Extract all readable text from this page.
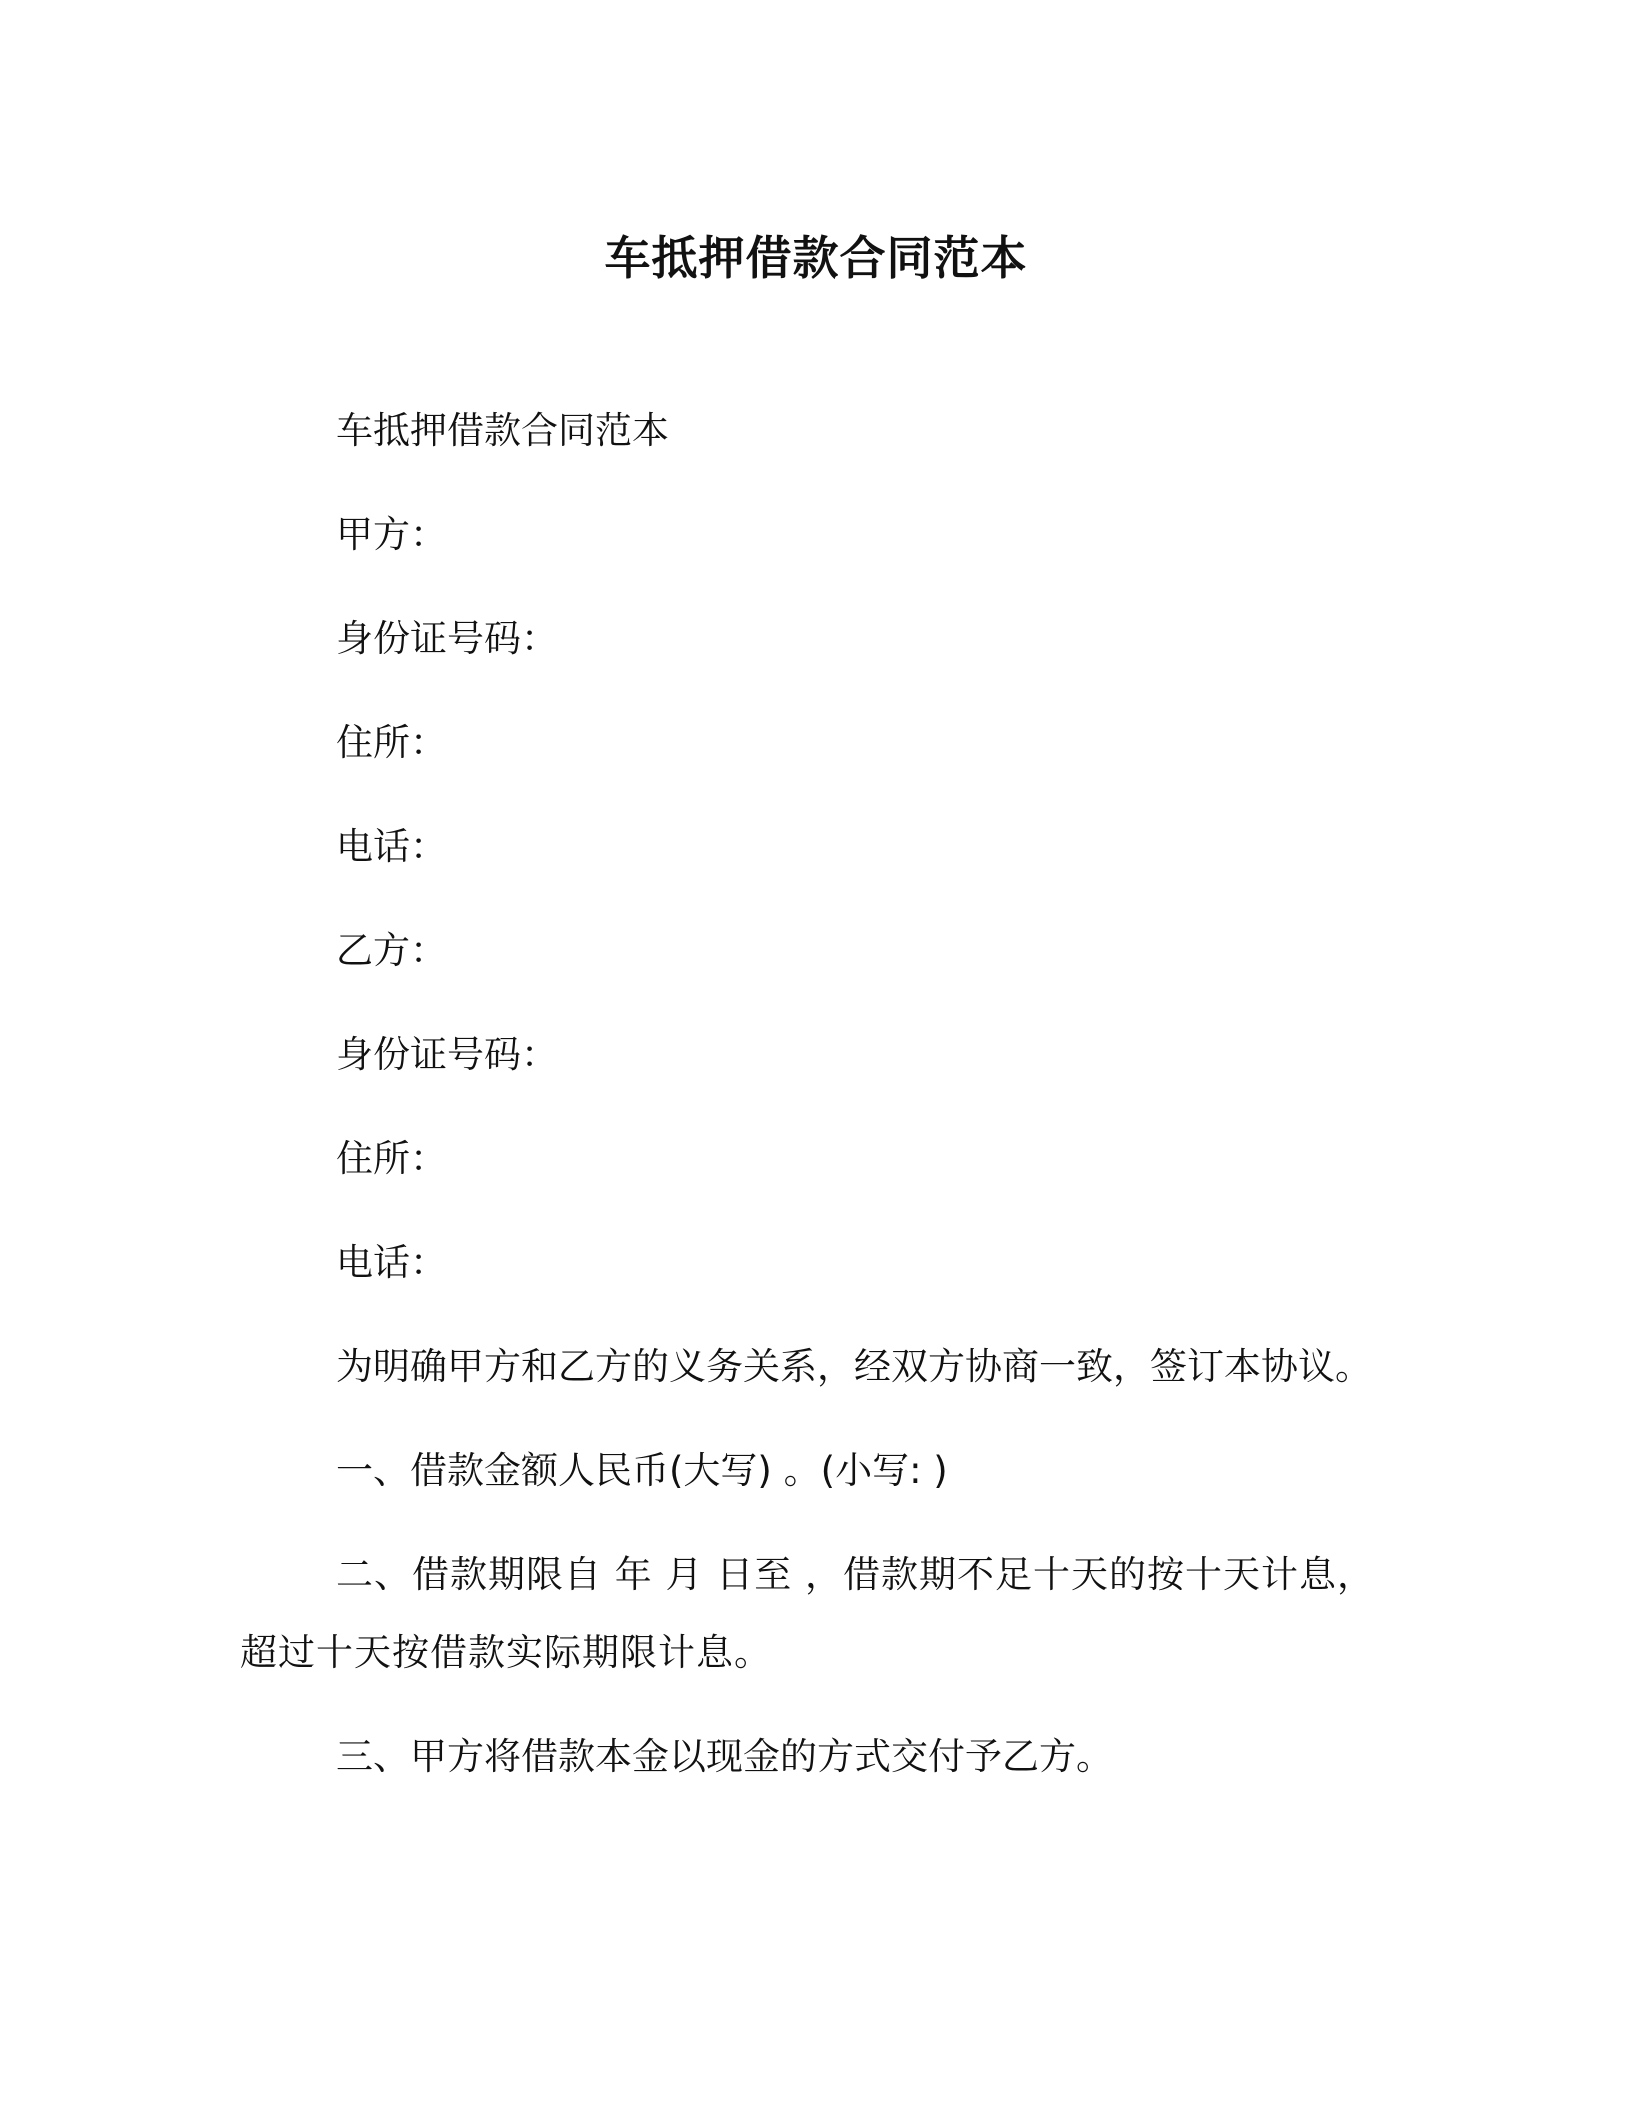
车抵押借款合同范本

车抵押借款合同范本

甲方：

身份证号码：

住所：

电话：

乙方：

身份证号码：

住所：

电话：

为明确甲方和乙方的义务关系，经双方协商一致，签订本协议。

一、借款金额人民币(大写) 。(小写: )

二、借款期限自 年 月 日至 ，借款期不足十天的按十天计息，超过十天按借款实际期限计息。

三、甲方将借款本金以现金的方式交付予乙方。
